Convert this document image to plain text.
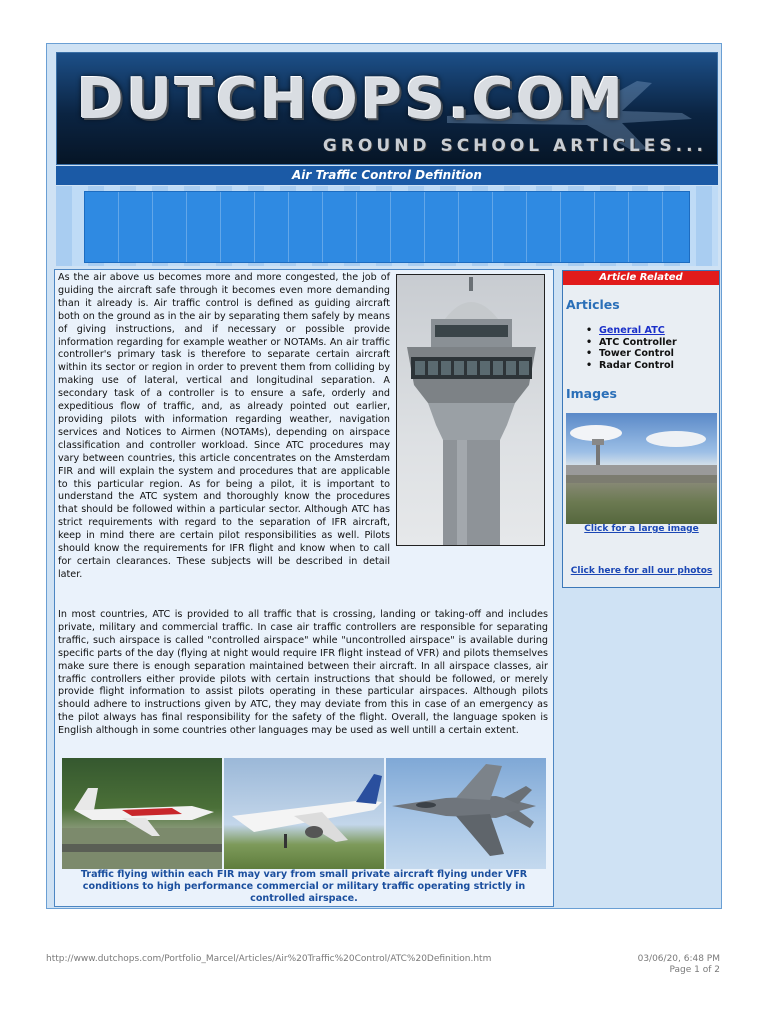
DUTCHOPS.COM
GROUND SCHOOL ARTICLES...
Air Traffic Control Definition
As the air above us becomes more and more congested, the job of guiding the aircraft safe through it becomes even more demanding than it already is. Air traffic control is defined as guiding aircraft both on the ground as in the air by separating them safely by means of giving instructions, and if necessary or possible provide information regarding for example weather or NOTAMs. An air traffic controller's primary task is therefore to separate certain aircraft within its sector or region in order to prevent them from colliding by making use of lateral, vertical and longitudinal separation. A secondary task of a controller is to ensure a safe, orderly and expeditious flow of traffic, and, as already pointed out earlier, providing pilots with information regarding weather, navigation services and Notices to Airmen (NOTAMs), depending on airspace classification and controller workload. Since ATC procedures may vary between countries, this article concentrates on the Amsterdam FIR and will explain the system and procedures that are applicable to this particular region. As for being a pilot, it is important to understand the ATC system and thoroughly know the procedures that should be followed within a particular sector. Although ATC has strict requirements with regard to the separation of IFR aircraft, keep in mind there are certain pilot responsibilities as well. Pilots should know the requirements for IFR flight and know when to call for certain clearances. These subjects will be described in detail later.
In most countries, ATC is provided to all traffic that is crossing, landing or taking-off and includes private, military and commercial traffic. In case air traffic controllers are responsible for separating traffic, such airspace is called "controlled airspace" while "uncontrolled airspace" is available during specific parts of the day (flying at night would require IFR flight instead of VFR) and pilots themselves make sure there is enough separation maintained between their aircraft. In all airspace classes, air traffic controllers either provide pilots with certain instructions that should be followed, or merely provide flight information to assist pilots operating in these particular airspaces. Although pilots should adhere to instructions given by ATC, they may deviate from this in case of an emergency as the pilot always has final responsibility for the safety of the flight. Overall, the language spoken is English although in some countries other languages may be used as well untill a certain extent.
Traffic flying within each FIR may vary from small private aircraft flying under VFR conditions to high performance commercial or military traffic operating strictly in controlled airspace.
Article Related
Articles
• General ATC
• ATC Controller
• Tower Control
• Radar Control
Images
Click for a large image
Click here for all our photos
http://www.dutchops.com/Portfolio_Marcel/Articles/Air%20Traffic%20Control/ATC%20Definition.htm	03/06/20, 6:48 PM
Page 1 of 2
